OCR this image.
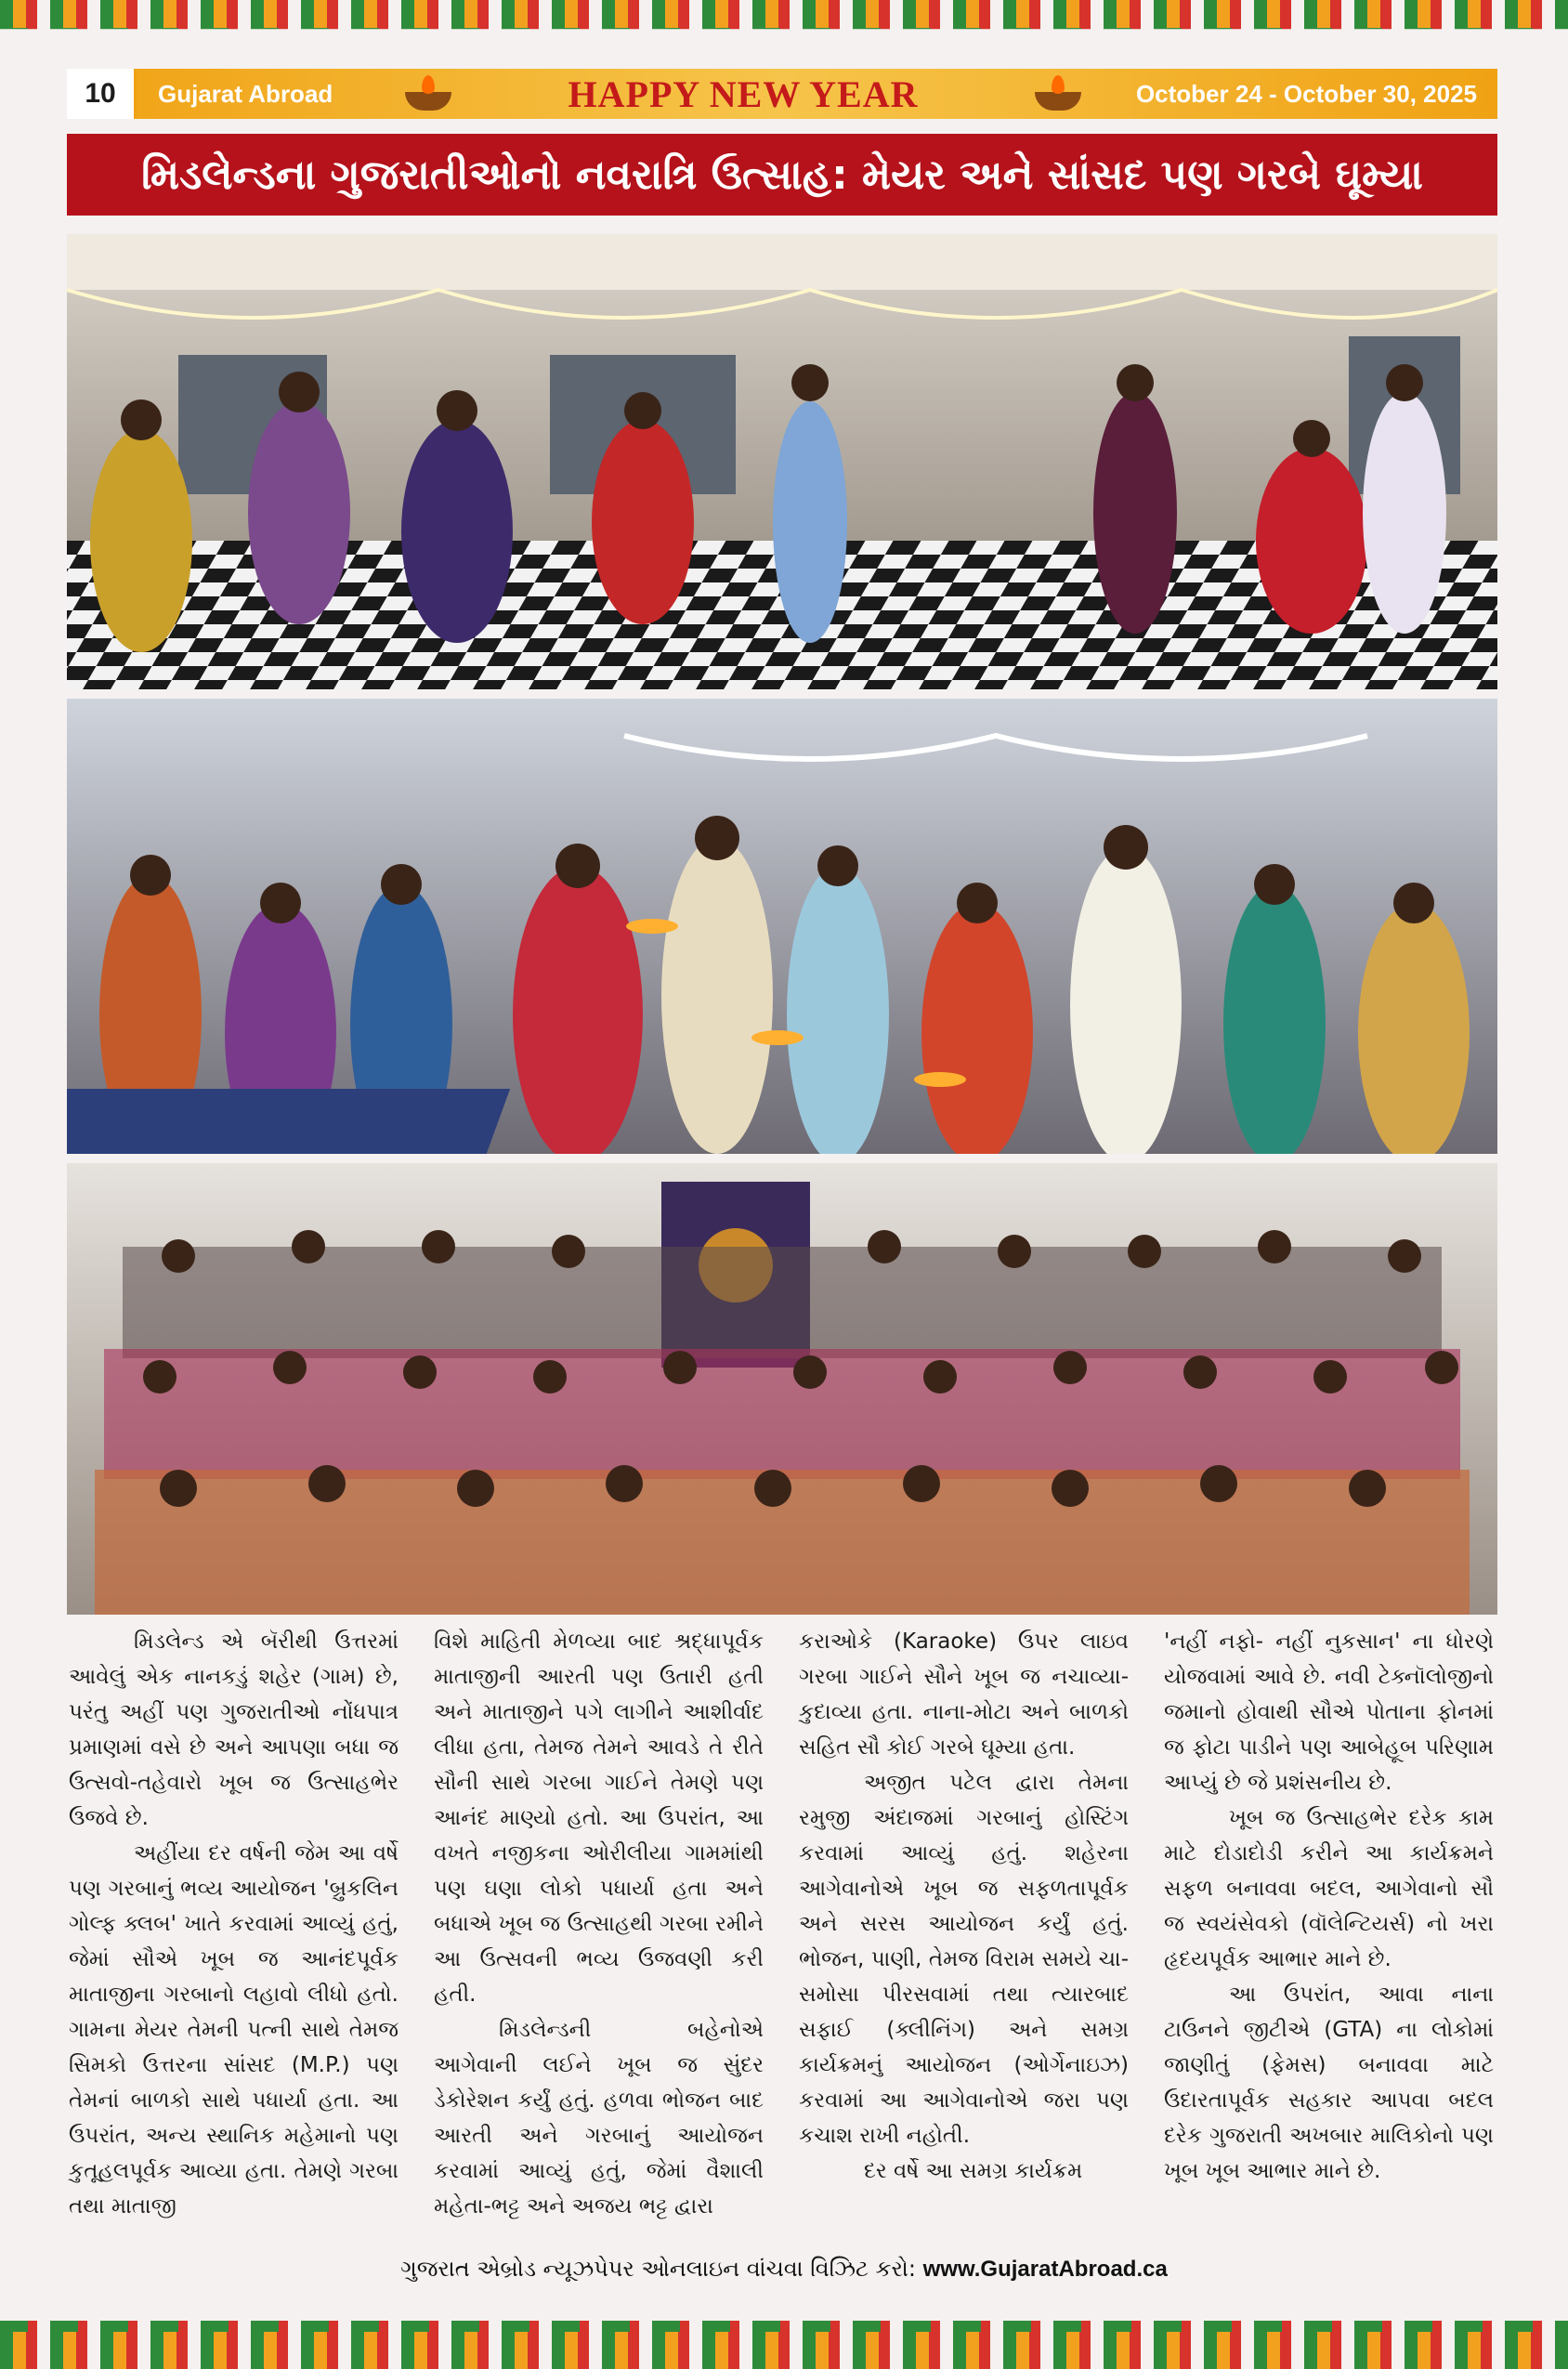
10	Gujarat Abroad	HAPPY NEW YEAR	October 24 - October 30, 2025
મિડલેન્ડના ગુજરાતીઓનો નવરાત્રિ ઉત્સાહ: મેયર અને સાંસદ પણ ગરબે ઘૂમ્યા

મિડલેન્ડ એ બૅરીથી ઉત્તરમાં આવેલું એક નાનકડું શહેર (ગામ) છે, પરંતુ અહીં પણ ગુજરાતીઓ નોંધપાત્ર પ્રમાણમાં વસે છે અને આપણા બધા જ ઉત્સવો-તહેવારો ખૂબ જ ઉત્સાહભેર ઉજવે છે.

અહીંયા દર વર્ષની જેમ આ વર્ષે પણ ગરબાનું ભવ્ય આયોજન 'બ્રુકલિન ગોલ્ફ ક્લબ' ખાતે કરવામાં આવ્યું હતું, જેમાં સૌએ ખૂબ જ આનંદપૂર્વક માતાજીના ગરબાનો લહાવો લીધો હતો. ગામના મેયર તેમની પત્ની સાથે તેમજ સિમકો ઉત્તરના સાંસદ (M.P.) પણ તેમનાં બાળકો સાથે પધાર્યા હતા. આ ઉપરાંત, અન્ય સ્થાનિક મહેમાનો પણ કુતૂહલપૂર્વક આવ્યા હતા. તેમણે ગરબા તથા માતાજી

વિશે માહિતી મેળવ્યા બાદ શ્રદ્ધાપૂર્વક માતાજીની આરતી પણ ઉતારી હતી અને માતાજીને પગે લાગીને આશીર્વાદ લીધા હતા, તેમજ તેમને આવડે તે રીતે સૌની સાથે ગરબા ગાઈને તેમણે પણ આનંદ માણ્યો હતો. આ ઉપરાંત, આ વખતે નજીકના ઓરીલીયા ગામમાંથી પણ ઘણા લોકો પધાર્યા હતા અને બધાએ ખૂબ જ ઉત્સાહથી ગરબા રમીને આ ઉત્સવની ભવ્ય ઉજવણી કરી હતી.

મિડલેન્ડની બહેનોએ આગેવાની લઈને ખૂબ જ સુંદર ડેકોરેશન કર્યું હતું. હળવા ભોજન બાદ આરતી અને ગરબાનું આયોજન કરવામાં આવ્યું હતું, જેમાં વૈશાલી મહેતા-ભટ્ટ અને અજય ભટ્ટ દ્વારા

કરાઓકે (Karaoke) ઉપર લાઇવ ગરબા ગાઈને સૌને ખૂબ જ નચાવ્યા-કુદાવ્યા હતા. નાના-મોટા અને બાળકો સહિત સૌ કોઈ ગરબે ઘૂમ્યા હતા.

અજીત પટેલ દ્વારા તેમના રમુજી અંદાજમાં ગરબાનું હોસ્ટિંગ કરવામાં આવ્યું હતું. શહેરના આગેવાનોએ ખૂબ જ સફળતાપૂર્વક અને સરસ આયોજન કર્યું હતું. ભોજન, પાણી, તેમજ વિરામ સમયે ચા-સમોસા પીરસવામાં તથા ત્યારબાદ સફાઈ (ક્લીનિંગ) અને સમગ્ર કાર્યક્રમનું આયોજન (ઓર્ગેનાઇઝ) કરવામાં આ આગેવાનોએ જરા પણ કચાશ રાખી નહોતી.

દર વર્ષે આ સમગ્ર કાર્યક્રમ

'નહીં નફો- નહીં નુકસાન' ના ધોરણે યોજવામાં આવે છે. નવી ટેક્નૉલોજીનો જમાનો હોવાથી સૌએ પોતાના ફોનમાં જ ફોટા પાડીને પણ આબેહૂબ પરિણામ આપ્યું છે જે પ્રશંસનીય છે.

ખૂબ જ ઉત્સાહભેર દરેક કામ માટે દોડાદોડી કરીને આ કાર્યક્રમને સફળ બનાવવા બદલ, આગેવાનો સૌ જ સ્વયંસેવકો (વૉલેન્ટિયર્સ) નો ખરા હૃદયપૂર્વક આભાર માને છે.

આ ઉપરાંત, આવા નાના ટાઉનને જીટીએ (GTA) ના લોકોમાં જાણીતું (ફેમસ) બનાવવા માટે ઉદારતાપૂર્વક સહકાર આપવા બદલ દરેક ગુજરાતી અખબાર માલિકોનો પણ ખૂબ ખૂબ આભાર માને છે.

ગુજરાત એબ્રોડ ન્યૂઝપેપર ઓનલાઇન વાંચવા વિઝિટ કરો: www.GujaratAbroad.ca
